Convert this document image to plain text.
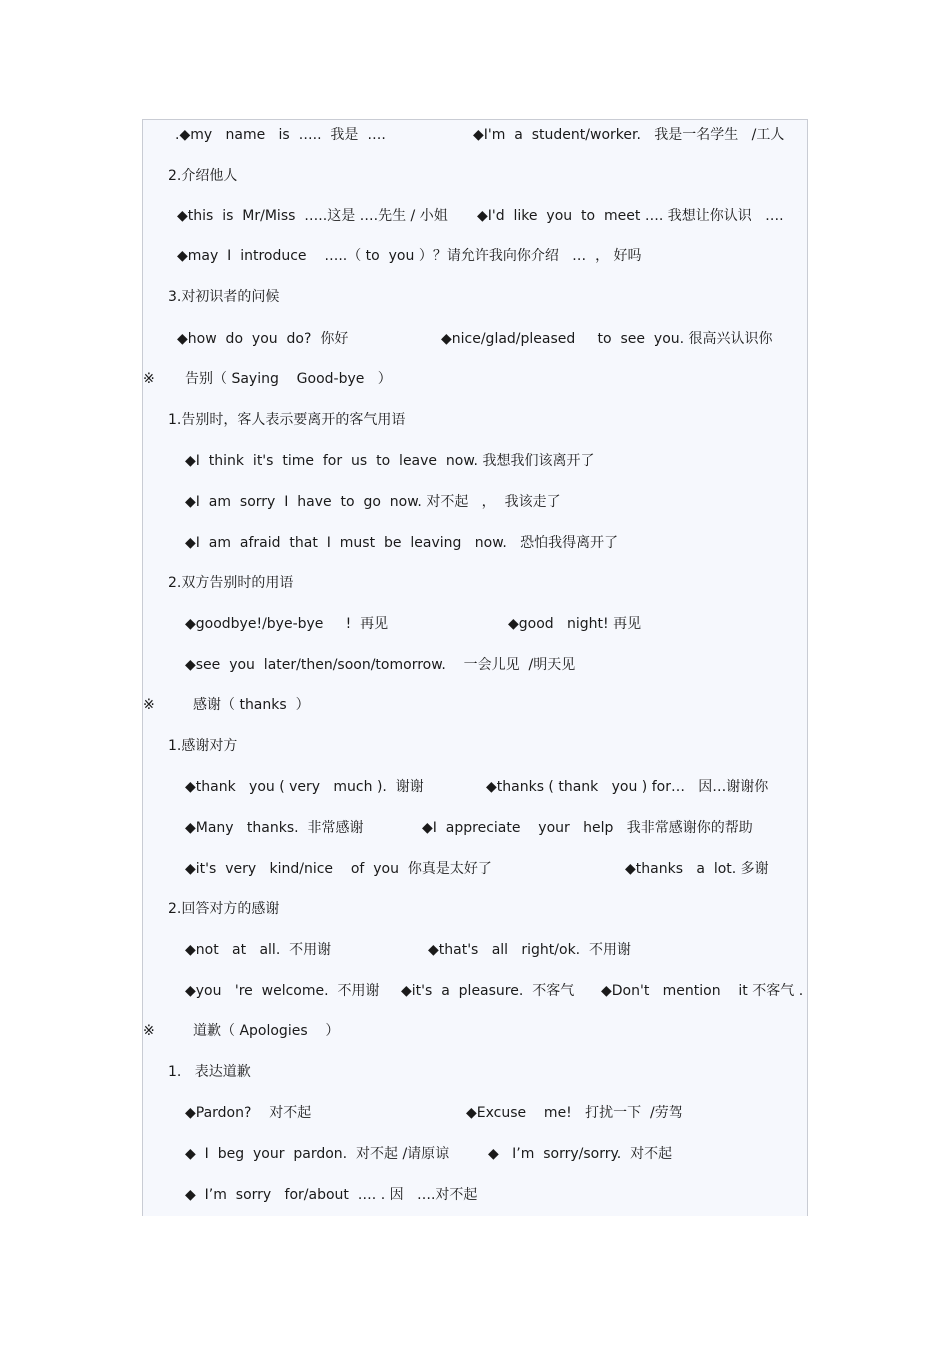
.◆my   name   is  …..  我是  ….	◆I'm  a  student/worker.   我是一名学生   /工人
2.介绍他人
◆this  is  Mr/Miss  …..这是 ….先生 / 小姐 ◆I'd  like  you  to  meet …. 我想让你认识   ….
◆may  I  introduce    …..（ to  you ）？请允许我向你介绍   …  ， 好吗
3.对初识者的问候
◆how  do  you  do?  你好	◆nice/glad/pleased     to  see  you. 很高兴认识你
※ 告别（ Saying    Good-bye   ）
1.告别时，客人表示要离开的客气用语
◆I  think  it's  time  for  us  to  leave  now. 我想我们该离开了
◆I  am  sorry  I  have  to  go  now. 对不起   ，  我该走了
◆I  am  afraid  that  I  must  be  leaving   now.   恐怕我得离开了
2.双方告别时的用语
◆goodbye!/bye-bye     !  再见	◆good   night! 再见
◆see  you  later/then/soon/tomorrow.    一会儿见  /明天见
※	感谢（ thanks  ）
1.感谢对方
◆thank   you ( very   much ).  谢谢	◆thanks ( thank   you ) for…   因…谢谢你
◆Many   thanks.  非常感谢	◆I  appreciate    your   help   我非常感谢你的帮助
◆it's  very   kind/nice    of  you  你真是太好了	◆thanks   a  lot. 多谢
2.回答对方的感谢
◆not   at   all.  不用谢	◆that's   all   right/ok.  不用谢
◆you   're  welcome.  不用谢 ◆it's  a  pleasure.  不客气 ◆Don't   mention    it 不客气 .
※	道歉（ Apologies    ）
1.   表达道歉
◆Pardon?    对不起	◆Excuse    me!   打扰一下  /劳驾
◆  I  beg  your  pardon.  对不起 /请原谅	◆   I’m  sorry/sorry.  对不起
◆  I’m  sorry   for/about  …. . 因   ….对不起
